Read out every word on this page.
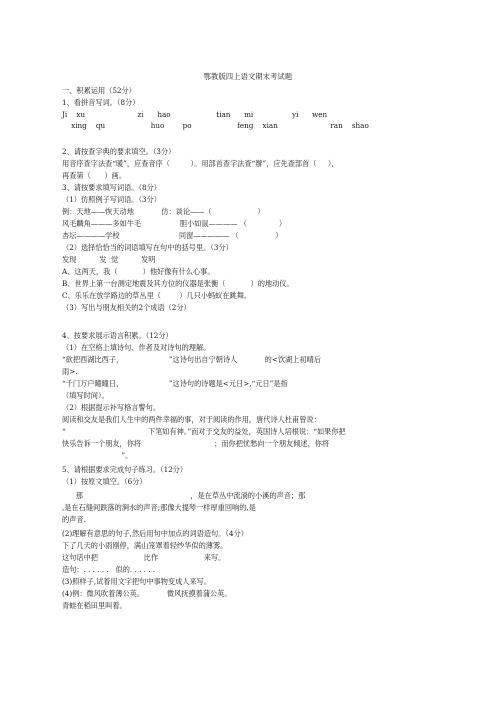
鄂教版四上语文期末考试题
一、积累运用（52分）
1、看拼音写词。（8分）
Ji    xu                       zi      hao                    tian      mi                 yi      wen
xing    qu                    huo        po                    feng    xian                       ran    shao
2、请按查字典的要求填空。（3分）
用音序查字法查“暖”，应查音序（         ）。用部首查字法查“辦”，应先查部首（     ），
再查第（      ）画。
3、请按要求填写词语。（8分）
（1）仿照例子写词语。（3分）
例：天地——恢天动地            仿：谈论——（                    ）
风毛麟角———多如牛毛                 胆小如鼠———— （              ）
杏坛————学校                          同窗————— （                ）
（2）选择恰恰当的词语填写在句中的括号里。（3分）
发现          发  觉          发明
A、这两天，我（           ）他好像有什么心事。
B、世界上第一台测定地震及其方位的仪器是张衡（           ）的地动仪。
C、乐乐在放学路边的草丛里（        ）几只小蚂蚁在跳舞。
（3）写出与朋友相关的2个成语（2分）
4、按要求展示语言积累。（12分）
（1）在空格上填诗句、作者及对诗句的理解。
“欲把西湖比西子，                    ”这诗句出自宁朝诗人            的<饮湖上初晴后
雨>.
“千门万户曈曈日，                    ”这诗句的诗题是<元日>,“元日”是指
（填写时间）。
（2）根据提示补写格言警句。
阅读和交友是我们人生中的两件幸福的事，对于阅读的作用，唐代诗人杜甫曾说：
“                                    下笔如有神。”而对于交友的益处，英国诗人培根说：“如果你把
快乐告诉一个朋友，你将                                ；而你把忧愁向一个朋友倾述，你将
”。
5、请根据要求完成句子练习。（12分）
（1）按原文填空。（6分）
那                                               ，是在草丛中流淌的小溪的声音；那
,是在石缝间跌落的涧水的声音;那像大提琴一样厚重回响的,是
的声音.
(2)理解有意思的句子,然后用句中加点的词语造句。（4分）
下了几天的小雨刚停，满山笼罩着轻纱华似的薄雾。
这句话中把                    比作                    来写。
造句：. . . . . .   似的. . . . . .
(3)照样子,试着用文字把句中事物变成人来写。
(4)例：微风吹着薄公英。          微风抚摸着蒲公英。
青蛙在稻田里叫着。
